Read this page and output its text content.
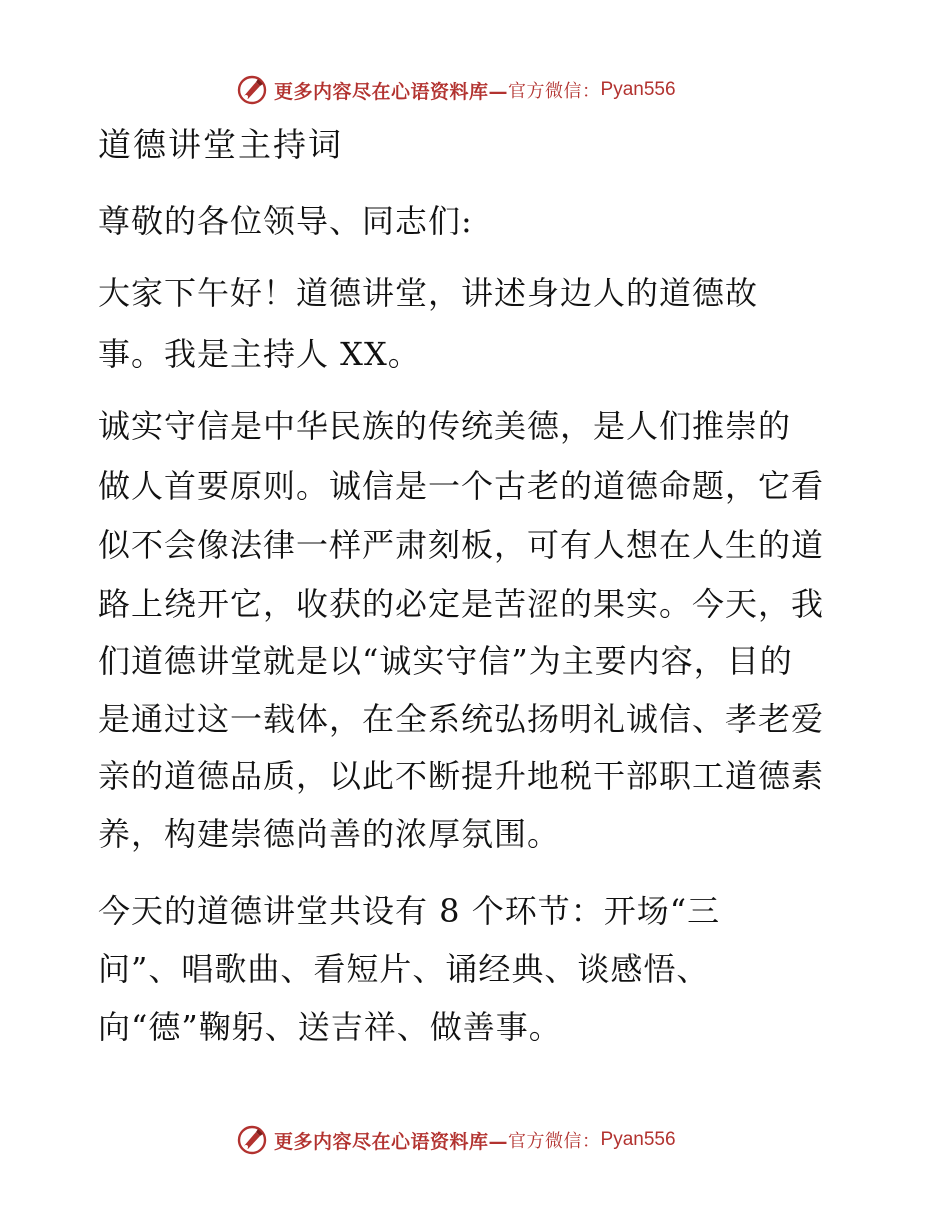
更多内容尽在心语资料库— 官方微信： Pyan556
道德讲堂主持词
尊敬的各位领导、同志们:
大家下午好！道德讲堂，讲述身边人的道德故
事。我是主持人 XX。
诚实守信是中华民族的传统美德，是人们推崇的
做人首要原则。诚信是一个古老的道德命题，它看
似不会像法律一样严肃刻板，可有人想在人生的道
路上绕开它，收获的必定是苦涩的果实。今天，我
们道德讲堂就是以“诚实守信”为主要内容，目的
是通过这一载体，在全系统弘扬明礼诚信、孝老爱
亲的道德品质，以此不断提升地税干部职工道德素
养，构建崇德尚善的浓厚氛围。
今天的道德讲堂共设有 8 个环节：开场“三
问”、唱歌曲、看短片、诵经典、谈感悟、
向“德”鞠躬、送吉祥、做善事。
更多内容尽在心语资料库— 官方微信： Pyan556
